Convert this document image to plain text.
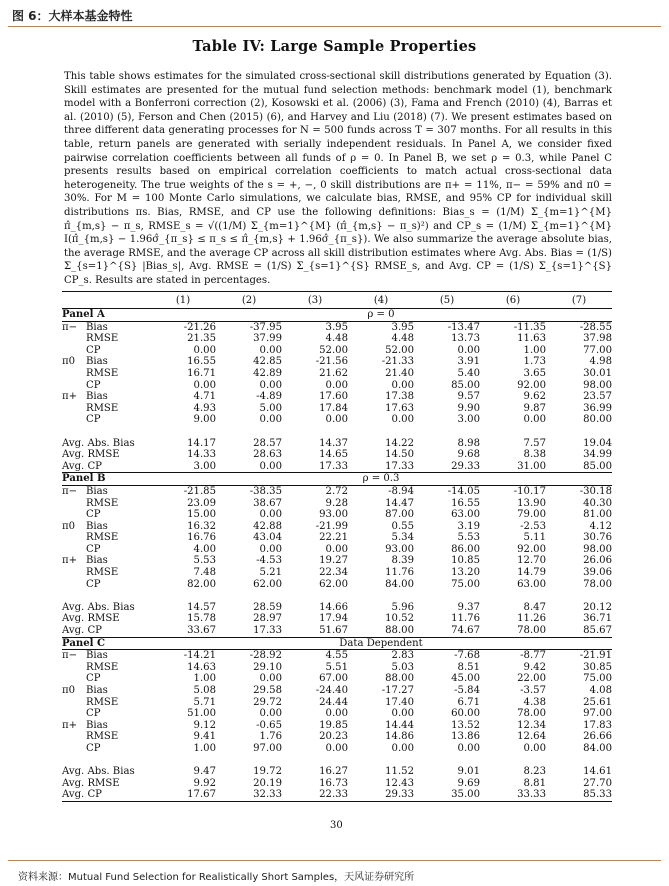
图 6：大样本基金特性
Table IV: Large Sample Properties
This table shows estimates for the simulated cross-sectional skill distributions generated by Equation (3). Skill estimates are presented for the mutual fund selection methods: benchmark model (1), benchmark model with a Bonferroni correction (2), Kosowski et al. (2006) (3), Fama and French (2010) (4), Barras et al. (2010) (5), Ferson and Chen (2015) (6), and Harvey and Liu (2018) (7). We present estimates based on three different data generating processes for N = 500 funds across T = 307 months. For all results in this table, return panels are generated with serially independent residuals. In Panel A, we consider fixed pairwise correlation coefficients between all funds of ρ = 0. In Panel B, we set ρ = 0.3, while Panel C presents results based on empirical correlation coefficients to match actual cross-sectional data heterogeneity. The true weights of the s = +, −, 0 skill distributions are π+ = 11%, π− = 59% and π0 = 30%. For M = 100 Monte Carlo simulations, we calculate bias, RMSE, and 95% CP for individual skill distributions πs. Bias, RMSE, and CP use the following definitions: Bias_s = (1/M) Σ_{m=1}^{M} π̂_{m,s} − π_s, RMSE_s = √((1/M) Σ_{m=1}^{M} (π̂_{m,s} − π_s)²) and CP_s = (1/M) Σ_{m=1}^{M} I(π̂_{m,s} − 1.96σ̂_{π_s} ≤ π_s ≤ π̂_{m,s} + 1.96σ̂_{π_s}). We also summarize the average absolute bias, the average RMSE, and the average CP across all skill distribution estimates where Avg. Abs. Bias = (1/S) Σ_{s=1}^{S} |Bias_s|, Avg. RMSE = (1/S) Σ_{s=1}^{S} RMSE_s, and Avg. CP = (1/S) Σ_{s=1}^{S} CP_s. Results are stated in percentages.
		(1)	(2)	(3)	(4)	(5)	(6)	(7)
Panel A		ρ = 0						
π−	Bias	-21.26	-37.95	3.95	3.95	-13.47	-11.35	-28.55
	RMSE	21.35	37.99	4.48	4.48	13.73	11.63	37.98
	CP	0.00	0.00	52.00	52.00	0.00	1.00	77.00
π0	Bias	16.55	42.85	-21.56	-21.33	3.91	1.73	4.98
	RMSE	16.71	42.89	21.62	21.40	5.40	3.65	30.01
	CP	0.00	0.00	0.00	0.00	85.00	92.00	98.00
π+	Bias	4.71	-4.89	17.60	17.38	9.57	9.62	23.57
	RMSE	4.93	5.00	17.84	17.63	9.90	9.87	36.99
	CP	9.00	0.00	0.00	0.00	3.00	0.00	80.00

Avg. Abs. Bias		14.17	28.57	14.37	14.22	8.98	7.57	19.04
Avg. RMSE		14.33	28.63	14.65	14.50	9.68	8.38	34.99
Avg. CP		3.00	0.00	17.33	17.33	29.33	31.00	85.00
Panel B		ρ = 0.3						
π−	Bias	-21.85	-38.35	2.72	-8.94	-14.05	-10.17	-30.18
	RMSE	23.09	38.67	9.28	14.47	16.55	13.90	40.30
	CP	15.00	0.00	93.00	87.00	63.00	79.00	81.00
π0	Bias	16.32	42.88	-21.99	0.55	3.19	-2.53	4.12
	RMSE	16.76	43.04	22.21	5.34	5.53	5.11	30.76
	CP	4.00	0.00	0.00	93.00	86.00	92.00	98.00
π+	Bias	5.53	-4.53	19.27	8.39	10.85	12.70	26.06
	RMSE	7.48	5.21	22.34	11.76	13.20	14.79	39.06
	CP	82.00	62.00	62.00	84.00	75.00	63.00	78.00

Avg. Abs. Bias		14.57	28.59	14.66	5.96	9.37	8.47	20.12
Avg. RMSE		15.78	28.97	17.94	10.52	11.76	11.26	36.71
Avg. CP		33.67	17.33	51.67	88.00	74.67	78.00	85.67
Panel C		Data Dependent						
π−	Bias	-14.21	-28.92	4.55	2.83	-7.68	-8.77	-21.91
	RMSE	14.63	29.10	5.51	5.03	8.51	9.42	30.85
	CP	1.00	0.00	67.00	88.00	45.00	22.00	75.00
π0	Bias	5.08	29.58	-24.40	-17.27	-5.84	-3.57	4.08
	RMSE	5.71	29.72	24.44	17.40	6.71	4.38	25.61
	CP	51.00	0.00	0.00	0.00	60.00	78.00	97.00
π+	Bias	9.12	-0.65	19.85	14.44	13.52	12.34	17.83
	RMSE	9.41	1.76	20.23	14.86	13.86	12.64	26.66
	CP	1.00	97.00	0.00	0.00	0.00	0.00	84.00

Avg. Abs. Bias		9.47	19.72	16.27	11.52	9.01	8.23	14.61
Avg. RMSE		9.92	20.19	16.73	12.43	9.69	8.81	27.70
Avg. CP		17.67	32.33	22.33	29.33	35.00	33.33	85.33
30
资料来源：Mutual Fund Selection for Realistically Short Samples，天风证券研究所
